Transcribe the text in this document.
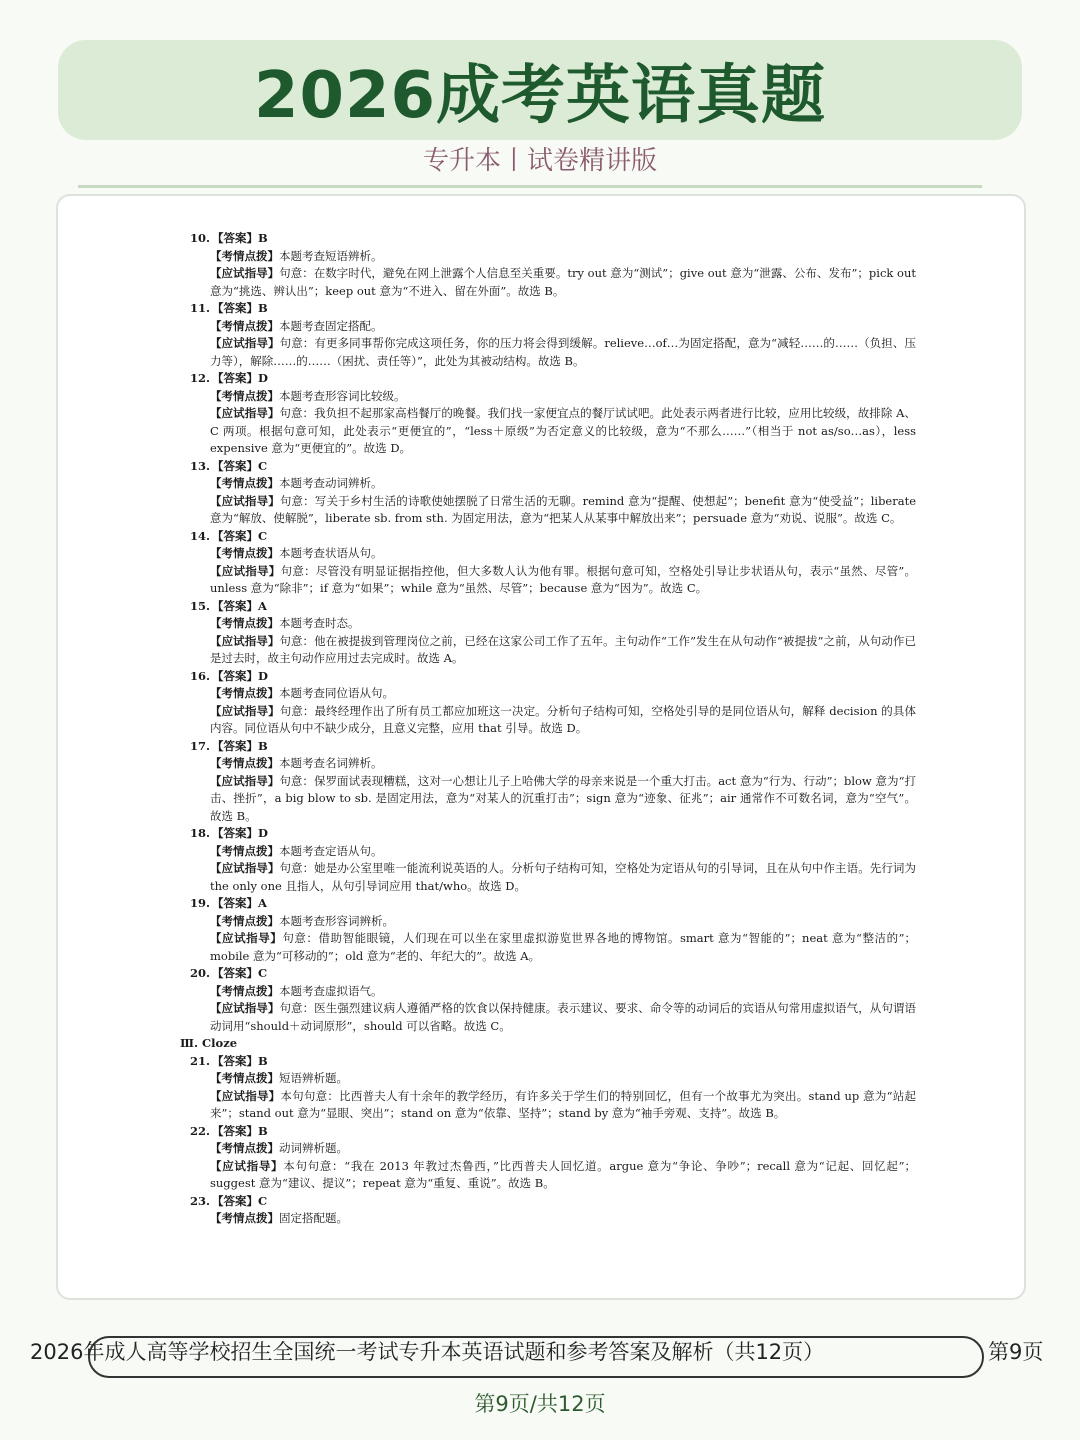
2026成考英语真题
专升本丨试卷精讲版
10. 【答案】B
【考情点拨】本题考查短语辨析。
【应试指导】句意：在数字时代，避免在网上泄露个人信息至关重要。try out 意为“测试”；give out 意为“泄露、公布、发布”；pick out 意为“挑选、辨认出”；keep out 意为“不进入、留在外面”。故选 B。
11. 【答案】B
【考情点拨】本题考查固定搭配。
【应试指导】句意：有更多同事帮你完成这项任务，你的压力将会得到缓解。relieve…of…为固定搭配，意为“减轻……的……（负担、压力等），解除……的……（困扰、责任等）”，此处为其被动结构。故选 B。
12. 【答案】D
【考情点拨】本题考查形容词比较级。
【应试指导】句意：我负担不起那家高档餐厅的晚餐。我们找一家便宜点的餐厅试试吧。此处表示两者进行比较，应用比较级，故排除 A、C 两项。根据句意可知，此处表示“更便宜的”，“less＋原级”为否定意义的比较级，意为“不那么……”（相当于 not as/so…as），less expensive 意为“更便宜的”。故选 D。
13. 【答案】C
【考情点拨】本题考查动词辨析。
【应试指导】句意：写关于乡村生活的诗歌使她摆脱了日常生活的无聊。remind 意为“提醒、使想起”；benefit 意为“使受益”；liberate 意为“解放、使解脱”，liberate sb. from sth. 为固定用法，意为“把某人从某事中解放出来”；persuade 意为“劝说、说服”。故选 C。
14. 【答案】C
【考情点拨】本题考查状语从句。
【应试指导】句意：尽管没有明显证据指控他，但大多数人认为他有罪。根据句意可知，空格处引导让步状语从句，表示“虽然、尽管”。unless 意为“除非”；if 意为“如果”；while 意为“虽然、尽管”；because 意为“因为”。故选 C。
15. 【答案】A
【考情点拨】本题考查时态。
【应试指导】句意：他在被提拔到管理岗位之前，已经在这家公司工作了五年。主句动作“工作”发生在从句动作“被提拔”之前，从句动作已是过去时，故主句动作应用过去完成时。故选 A。
16. 【答案】D
【考情点拨】本题考查同位语从句。
【应试指导】句意：最终经理作出了所有员工都应加班这一决定。分析句子结构可知，空格处引导的是同位语从句，解释 decision 的具体内容。同位语从句中不缺少成分，且意义完整，应用 that 引导。故选 D。
17. 【答案】B
【考情点拨】本题考查名词辨析。
【应试指导】句意：保罗面试表现糟糕，这对一心想让儿子上哈佛大学的母亲来说是一个重大打击。act 意为“行为、行动”；blow 意为“打击、挫折”，a big blow to sb. 是固定用法，意为“对某人的沉重打击”；sign 意为“迹象、征兆”；air 通常作不可数名词，意为“空气”。故选 B。
18. 【答案】D
【考情点拨】本题考查定语从句。
【应试指导】句意：她是办公室里唯一能流利说英语的人。分析句子结构可知，空格处为定语从句的引导词，且在从句中作主语。先行词为 the only one 且指人，从句引导词应用 that/who。故选 D。
19. 【答案】A
【考情点拨】本题考查形容词辨析。
【应试指导】句意：借助智能眼镜，人们现在可以坐在家里虚拟游览世界各地的博物馆。smart 意为“智能的”；neat 意为“整洁的”；mobile 意为“可移动的”；old 意为“老的、年纪大的”。故选 A。
20. 【答案】C
【考情点拨】本题考查虚拟语气。
【应试指导】句意：医生强烈建议病人遵循严格的饮食以保持健康。表示建议、要求、命令等的动词后的宾语从句常用虚拟语气，从句谓语动词用“should＋动词原形”，should 可以省略。故选 C。
Ⅲ. Cloze
21. 【答案】B
【考情点拨】短语辨析题。
【应试指导】本句句意：比西普夫人有十余年的教学经历，有许多关于学生们的特别回忆，但有一个故事尤为突出。stand up 意为“站起来”；stand out 意为“显眼、突出”；stand on 意为“依靠、坚持”；stand by 意为“袖手旁观、支持”。故选 B。
22. 【答案】B
【考情点拨】动词辨析题。
【应试指导】本句句意：“我在 2013 年教过杰鲁西，”比西普夫人回忆道。argue 意为“争论、争吵”；recall 意为“记起、回忆起”；suggest 意为“建议、提议”；repeat 意为“重复、重说”。故选 B。
23. 【答案】C
【考情点拨】固定搭配题。
2026年成人高等学校招生全国统一考试专升本英语试题和参考答案及解析（共12页）	第9页
第9页/共12页
